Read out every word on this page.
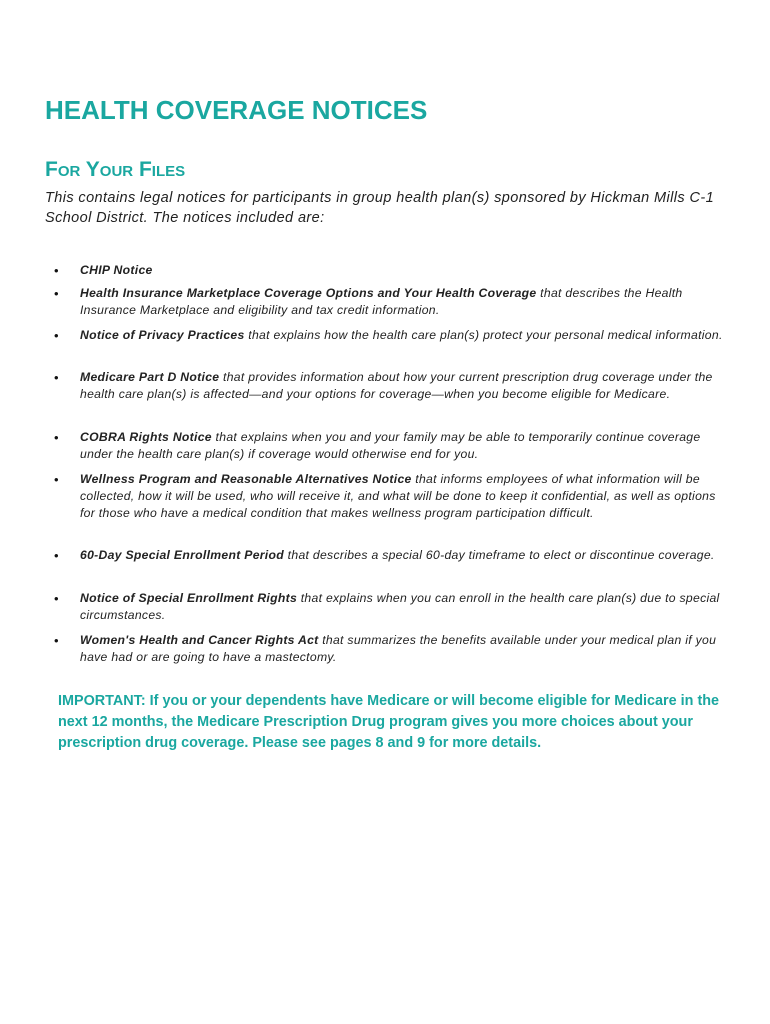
HEALTH COVERAGE NOTICES
For Your Files

This contains legal notices for participants in group health plan(s) sponsored by Hickman Mills C-1 School District. The notices included are:

• CHIP Notice
• Health Insurance Marketplace Coverage Options and Your Health Coverage that describes the Health Insurance Marketplace and eligibility and tax credit information.
• Notice of Privacy Practices that explains how the health care plan(s) protect your personal medical information.
• Medicare Part D Notice that provides information about how your current prescription drug coverage under the health care plan(s) is affected—and your options for coverage—when you become eligible for Medicare.
• COBRA Rights Notice that explains when you and your family may be able to temporarily continue coverage under the health care plan(s) if coverage would otherwise end for you.
• Wellness Program and Reasonable Alternatives Notice that informs employees of what information will be collected, how it will be used, who will receive it, and what will be done to keep it confidential, as well as options for those who have a medical condition that makes wellness program participation difficult.
• 60-Day Special Enrollment Period that describes a special 60-day timeframe to elect or discontinue coverage.
• Notice of Special Enrollment Rights that explains when you can enroll in the health care plan(s) due to special circumstances.
• Women's Health and Cancer Rights Act that summarizes the benefits available under your medical plan if you have had or are going to have a mastectomy.

IMPORTANT: If you or your dependents have Medicare or will become eligible for Medicare in the next 12 months, the Medicare Prescription Drug program gives you more choices about your prescription drug coverage. Please see pages 8 and 9 for more details.
